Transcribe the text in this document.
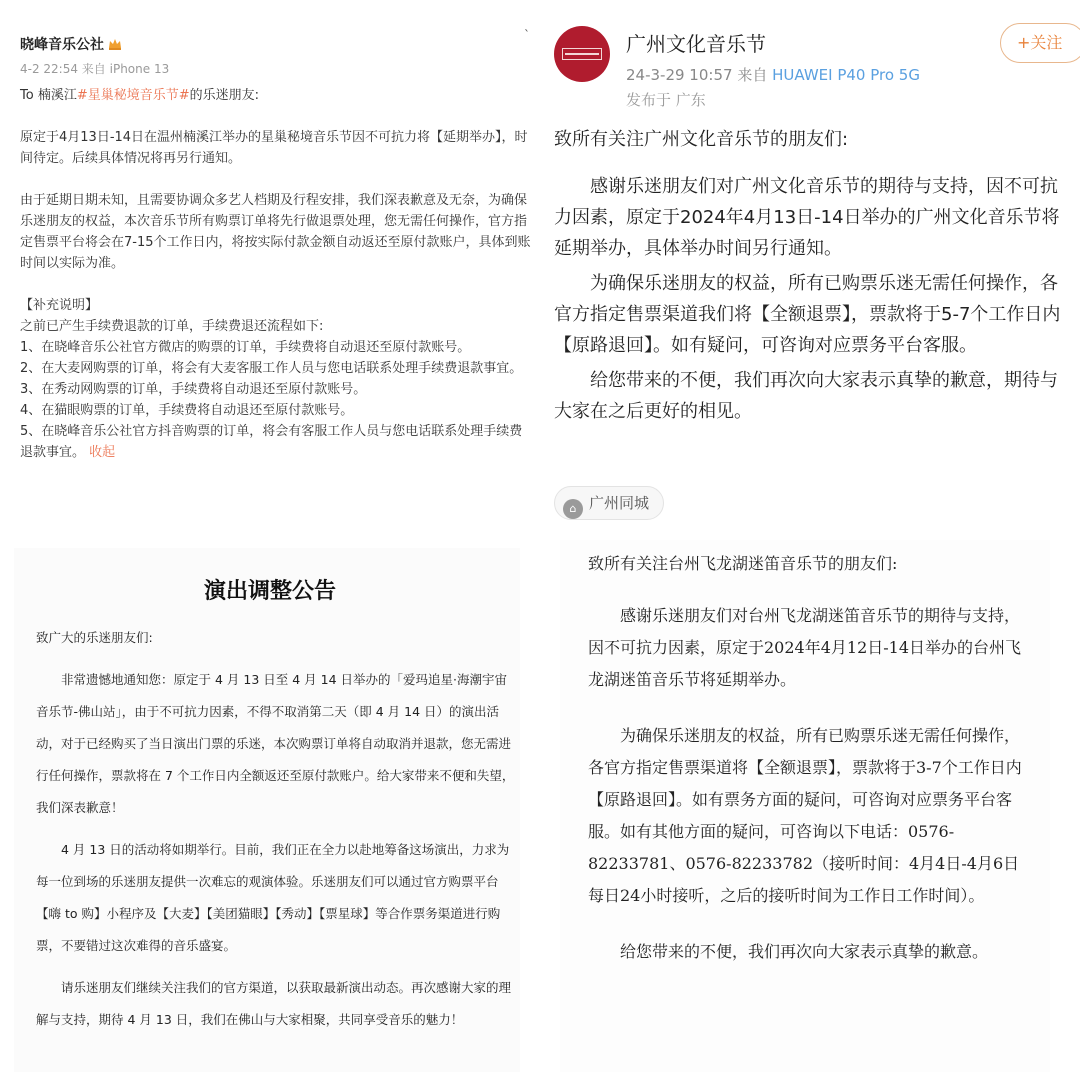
晓峰音乐公社
4-2 22:54 来自 iPhone 13
ˋ

To 楠溪江#星巢秘境音乐节#的乐迷朋友:

原定于4月13日-14日在温州楠溪江举办的星巢秘境音乐节因不可抗力将【延期举办】，时间待定。后续具体情况将再另行通知。

由于延期日期未知，且需要协调众多艺人档期及行程安排，我们深表歉意及无奈，为确保乐迷朋友的权益，本次音乐节所有购票订单将先行做退票处理，您无需任何操作，官方指定售票平台将会在7-15个工作日内，将按实际付款金额自动返还至原付款账户，具体到账时间以实际为准。

【补充说明】

之前已产生手续费退款的订单，手续费退还流程如下:

1、在晓峰音乐公社官方微店的购票的订单，手续费将自动退还至原付款账号。

2、在大麦网购票的订单，将会有大麦客服工作人员与您电话联系处理手续费退款事宜。

3、在秀动网购票的订单，手续费将自动退还至原付款账号。

4、在猫眼购票的订单，手续费将自动退还至原付款账号。

5、在晓峰音乐公社官方抖音购票的订单，将会有客服工作人员与您电话联系处理手续费退款事宜。 收起

广州文化音乐节
24-3-29 10:57 来自 HUAWEI P40 Pro 5G
发布于 广东
+关注

致所有关注广州文化音乐节的朋友们:

感谢乐迷朋友们对广州文化音乐节的期待与支持，因不可抗力因素，原定于2024年4月13日-14日举办的广州文化音乐节将延期举办，具体举办时间另行通知。

为确保乐迷朋友的权益，所有已购票乐迷无需任何操作，各官方指定售票渠道我们将【全额退票】，票款将于5-7个工作日内【原路退回】。如有疑问，可咨询对应票务平台客服。

给您带来的不便，我们再次向大家表示真挚的歉意，期待与大家在之后更好的相见。

⌂ 广州同城
演出调整公告

致广大的乐迷朋友们:

非常遗憾地通知您：原定于 4 月 13 日至 4 月 14 日举办的「爱玛追星·海潮宇宙音乐节-佛山站」，由于不可抗力因素，不得不取消第二天（即 4 月 14 日）的演出活动，对于已经购买了当日演出门票的乐迷，本次购票订单将自动取消并退款，您无需进行任何操作，票款将在 7 个工作日内全额返还至原付款账户。给大家带来不便和失望，我们深表歉意！

4 月 13 日的活动将如期举行。目前，我们正在全力以赴地筹备这场演出，力求为每一位到场的乐迷朋友提供一次难忘的观演体验。乐迷朋友们可以通过官方购票平台【嗨 to 购】小程序及【大麦】【美团猫眼】【秀动】【票星球】等合作票务渠道进行购票，不要错过这次难得的音乐盛宴。

请乐迷朋友们继续关注我们的官方渠道，以获取最新演出动态。再次感谢大家的理解与支持，期待 4 月 13 日，我们在佛山与大家相聚，共同享受音乐的魅力！

致所有关注台州飞龙湖迷笛音乐节的朋友们:

感谢乐迷朋友们对台州飞龙湖迷笛音乐节的期待与支持，因不可抗力因素，原定于2024年4月12日-14日举办的台州飞龙湖迷笛音乐节将延期举办。

为确保乐迷朋友的权益，所有已购票乐迷无需任何操作，各官方指定售票渠道将【全额退票】，票款将于3-7个工作日内【原路退回】。如有票务方面的疑问，可咨询对应票务平台客服。如有其他方面的疑问，可咨询以下电话：0576-82233781、0576-82233782（接听时间：4月4日-4月6日每日24小时接听，之后的接听时间为工作日工作时间）。

给您带来的不便，我们再次向大家表示真挚的歉意。
